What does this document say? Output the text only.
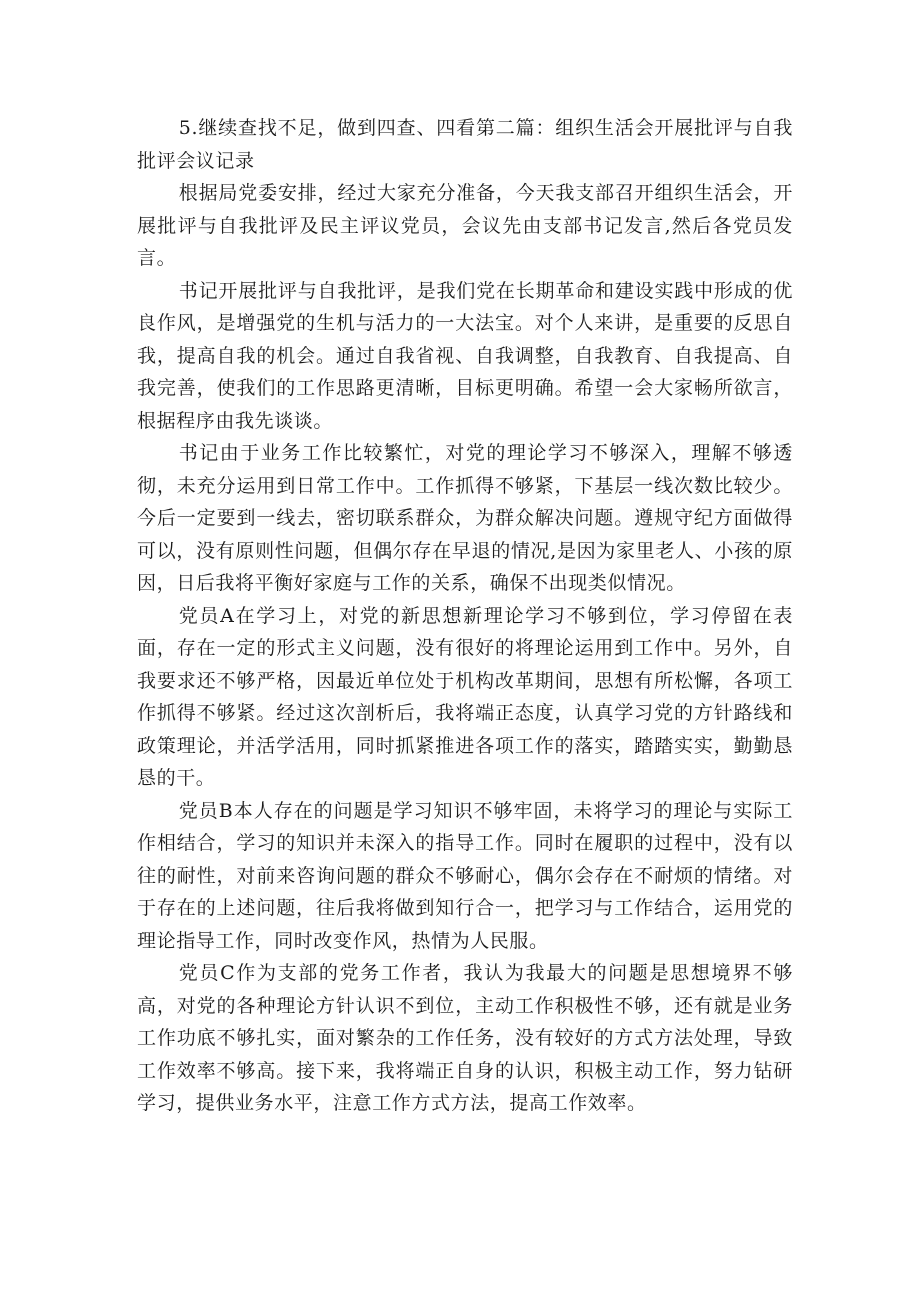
5.继续查找不足，做到四查、四看第二篇：组织生活会开展批评与自我批评会议记录

根据局党委安排，经过大家充分准备，今天我支部召开组织生活会，开展批评与自我批评及民主评议党员，会议先由支部书记发言,然后各党员发言。

书记开展批评与自我批评，是我们党在长期革命和建设实践中形成的优良作风，是增强党的生机与活力的一大法宝。对个人来讲，是重要的反思自我，提高自我的机会。通过自我省视、自我调整，自我教育、自我提高、自我完善，使我们的工作思路更清晰，目标更明确。希望一会大家畅所欲言，根据程序由我先谈谈。

书记由于业务工作比较繁忙，对党的理论学习不够深入，理解不够透彻，未充分运用到日常工作中。工作抓得不够紧，下基层一线次数比较少。今后一定要到一线去，密切联系群众，为群众解决问题。遵规守纪方面做得可以，没有原则性问题，但偶尔存在早退的情况,是因为家里老人、小孩的原因，日后我将平衡好家庭与工作的关系，确保不出现类似情况。

党员A在学习上，对党的新思想新理论学习不够到位，学习停留在表面，存在一定的形式主义问题，没有很好的将理论运用到工作中。另外，自我要求还不够严格，因最近单位处于机构改革期间，思想有所松懈，各项工作抓得不够紧。经过这次剖析后，我将端正态度，认真学习党的方针路线和政策理论，并活学活用，同时抓紧推进各项工作的落实，踏踏实实，勤勤恳恳的干。

党员B本人存在的问题是学习知识不够牢固，未将学习的理论与实际工作相结合，学习的知识并未深入的指导工作。同时在履职的过程中，没有以往的耐性，对前来咨询问题的群众不够耐心，偶尔会存在不耐烦的情绪。对于存在的上述问题，往后我将做到知行合一，把学习与工作结合，运用党的理论指导工作，同时改变作风，热情为人民服。

党员C作为支部的党务工作者，我认为我最大的问题是思想境界不够高，对党的各种理论方针认识不到位，主动工作积极性不够，还有就是业务工作功底不够扎实，面对繁杂的工作任务，没有较好的方式方法处理，导致工作效率不够高。接下来，我将端正自身的认识，积极主动工作，努力钻研学习，提供业务水平，注意工作方式方法，提高工作效率。
